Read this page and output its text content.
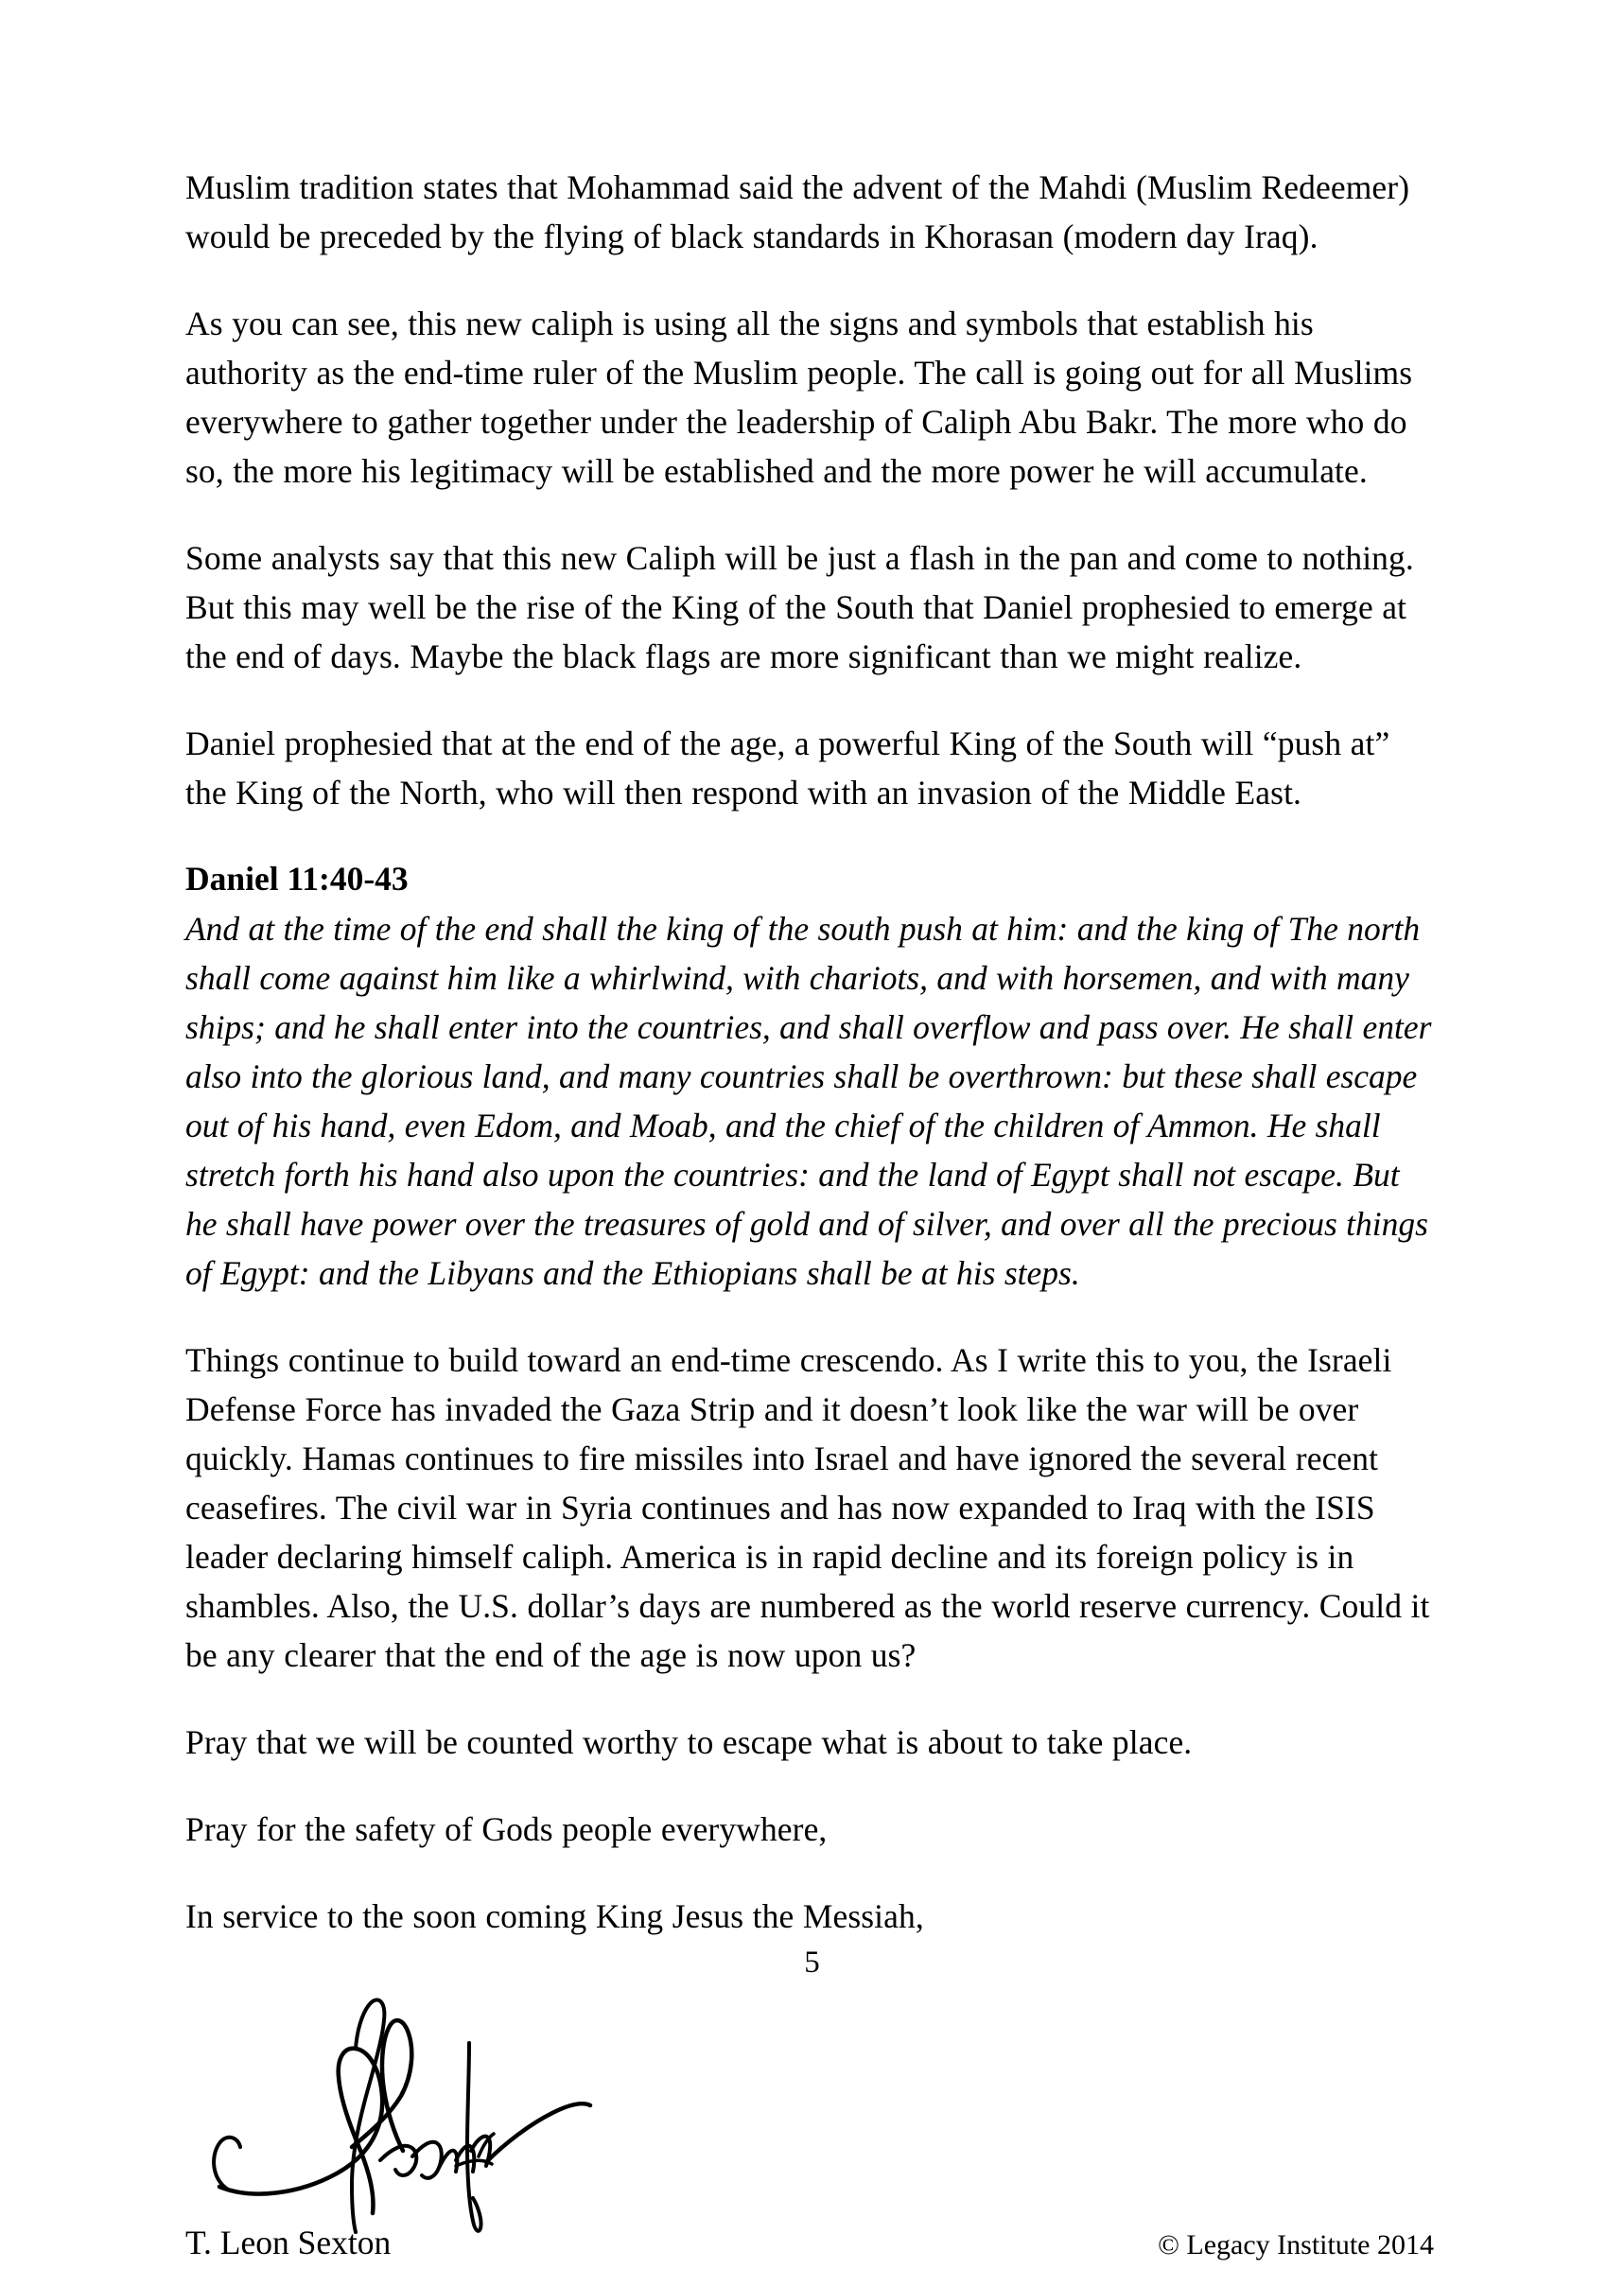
Muslim tradition states that Mohammad said the advent of the Mahdi (Muslim Redeemer) would be preceded by the flying of black standards in Khorasan (modern day Iraq).

As you can see, this new caliph is using all the signs and symbols that establish his authority as the end-time ruler of the Muslim people. The call is going out for all Muslims everywhere to gather together under the leadership of Caliph Abu Bakr. The more who do so, the more his legitimacy will be established and the more power he will accumulate.

Some analysts say that this new Caliph will be just a flash in the pan and come to nothing. But this may well be the rise of the King of the South that Daniel prophesied to emerge at the end of days. Maybe the black flags are more significant than we might realize.

Daniel prophesied that at the end of the age, a powerful King of the South will “push at” the King of the North, who will then respond with an invasion of the Middle East.

Daniel 11:40-43
And at the time of the end shall the king of the south push at him: and the king of The north shall come against him like a whirlwind, with chariots, and with horsemen, and with many ships; and he shall enter into the countries, and shall overflow and pass over. He shall enter also into the glorious land, and many countries shall be overthrown: but these shall escape out of his hand, even Edom, and Moab, and the chief of the children of Ammon. He shall stretch forth his hand also upon the countries: and the land of Egypt shall not escape. But he shall have power over the treasures of gold and of silver, and over all the precious things of Egypt: and the Libyans and the Ethiopians shall be at his steps.

Things continue to build toward an end-time crescendo. As I write this to you, the Israeli Defense Force has invaded the Gaza Strip and it doesn’t look like the war will be over quickly. Hamas continues to fire missiles into Israel and have ignored the several recent ceasefires. The civil war in Syria continues and has now expanded to Iraq with the ISIS leader declaring himself caliph. America is in rapid decline and its foreign policy is in shambles. Also, the U.S. dollar’s days are numbered as the world reserve currency. Could it be any clearer that the end of the age is now upon us?

Pray that we will be counted worthy to escape what is about to take place.

Pray for the safety of Gods people everywhere,

In service to the soon coming King Jesus the Messiah,

T. Leon Sexton	© Legacy Institute 2014
5
